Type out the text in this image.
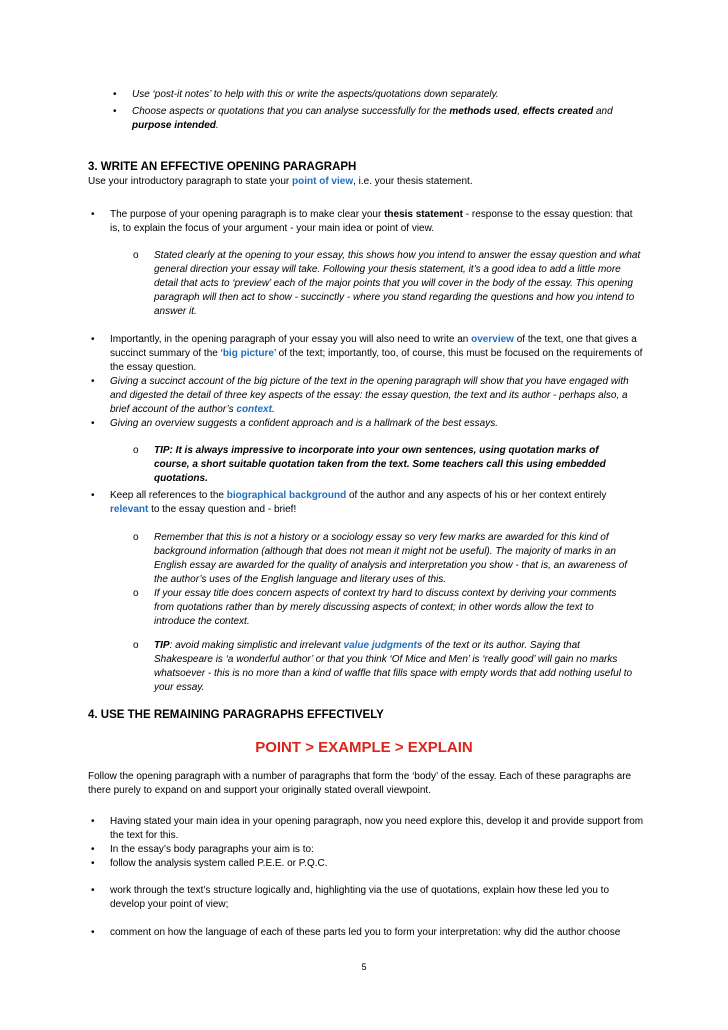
• Use ‘post-it notes’ to help with this or write the aspects/quotations down separately.
• Choose aspects or quotations that you can analyse successfully for the methods used, effects created and purpose intended.
3. WRITE AN EFFECTIVE OPENING PARAGRAPH
Use your introductory paragraph to state your point of view, i.e. your thesis statement.
• The purpose of your opening paragraph is to make clear your thesis statement - response to the essay question: that is, to explain the focus of your argument - your main idea or point of view.
o Stated clearly at the opening to your essay, this shows how you intend to answer the essay question and what general direction your essay will take. Following your thesis statement, it’s a good idea to add a little more detail that acts to ‘preview’ each of the major points that you will cover in the body of the essay. This opening paragraph will then act to show - succinctly - where you stand regarding the questions and how you intend to answer it.
• Importantly, in the opening paragraph of your essay you will also need to write an overview of the text, one that gives a succinct summary of the ‘big picture’ of the text; importantly, too, of course, this must be focused on the requirements of the essay question.
• Giving a succinct account of the big picture of the text in the opening paragraph will show that you have engaged with and digested the detail of three key aspects of the essay: the essay question, the text and its author - perhaps also, a brief account of the author’s context.
• Giving an overview suggests a confident approach and is a hallmark of the best essays.
o TIP: It is always impressive to incorporate into your own sentences, using quotation marks of course, a short suitable quotation taken from the text. Some teachers call this using embedded quotations.
• Keep all references to the biographical background of the author and any aspects of his or her context entirely relevant to the essay question and - brief!
o Remember that this is not a history or a sociology essay so very few marks are awarded for this kind of background information (although that does not mean it might not be useful). The majority of marks in an English essay are awarded for the quality of analysis and interpretation you show - that is, an awareness of the author’s uses of the English language and literary uses of this.
o If your essay title does concern aspects of context try hard to discuss context by deriving your comments from quotations rather than by merely discussing aspects of context; in other words allow the text to introduce the context.
o TIP: avoid making simplistic and irrelevant value judgments of the text or its author. Saying that Shakespeare is ‘a wonderful author’ or that you think ‘Of Mice and Men’ is ‘really good’ will gain no marks whatsoever - this is no more than a kind of waffle that fills space with empty words that add nothing useful to your essay.
4. USE THE REMAINING PARAGRAPHS EFFECTIVELY
POINT > EXAMPLE > EXPLAIN
Follow the opening paragraph with a number of paragraphs that form the ‘body’ of the essay. Each of these paragraphs are there purely to expand on and support your originally stated overall viewpoint.
• Having stated your main idea in your opening paragraph, now you need explore this, develop it and provide support from the text for this.
• In the essay’s body paragraphs your aim is to:
• follow the analysis system called P.E.E. or P.Q.C.
• work through the text’s structure logically and, highlighting via the use of quotations, explain how these led you to develop your point of view;
• comment on how the language of each of these parts led you to form your interpretation: why did the author choose
5
